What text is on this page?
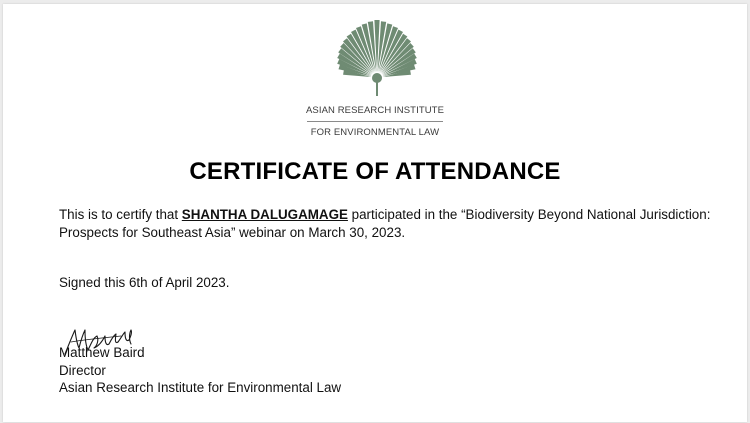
ASIAN RESEARCH INSTITUTE
FOR ENVIRONMENTAL LAW
CERTIFICATE OF ATTENDANCE
This is to certify that SHANTHA DALUGAMAGE participated in the “Biodiversity Beyond National Jurisdiction: Prospects for Southeast Asia” webinar on March 30, 2023.
Signed this 6th of April 2023.
Matthew Baird
Director
Asian Research Institute for Environmental Law
